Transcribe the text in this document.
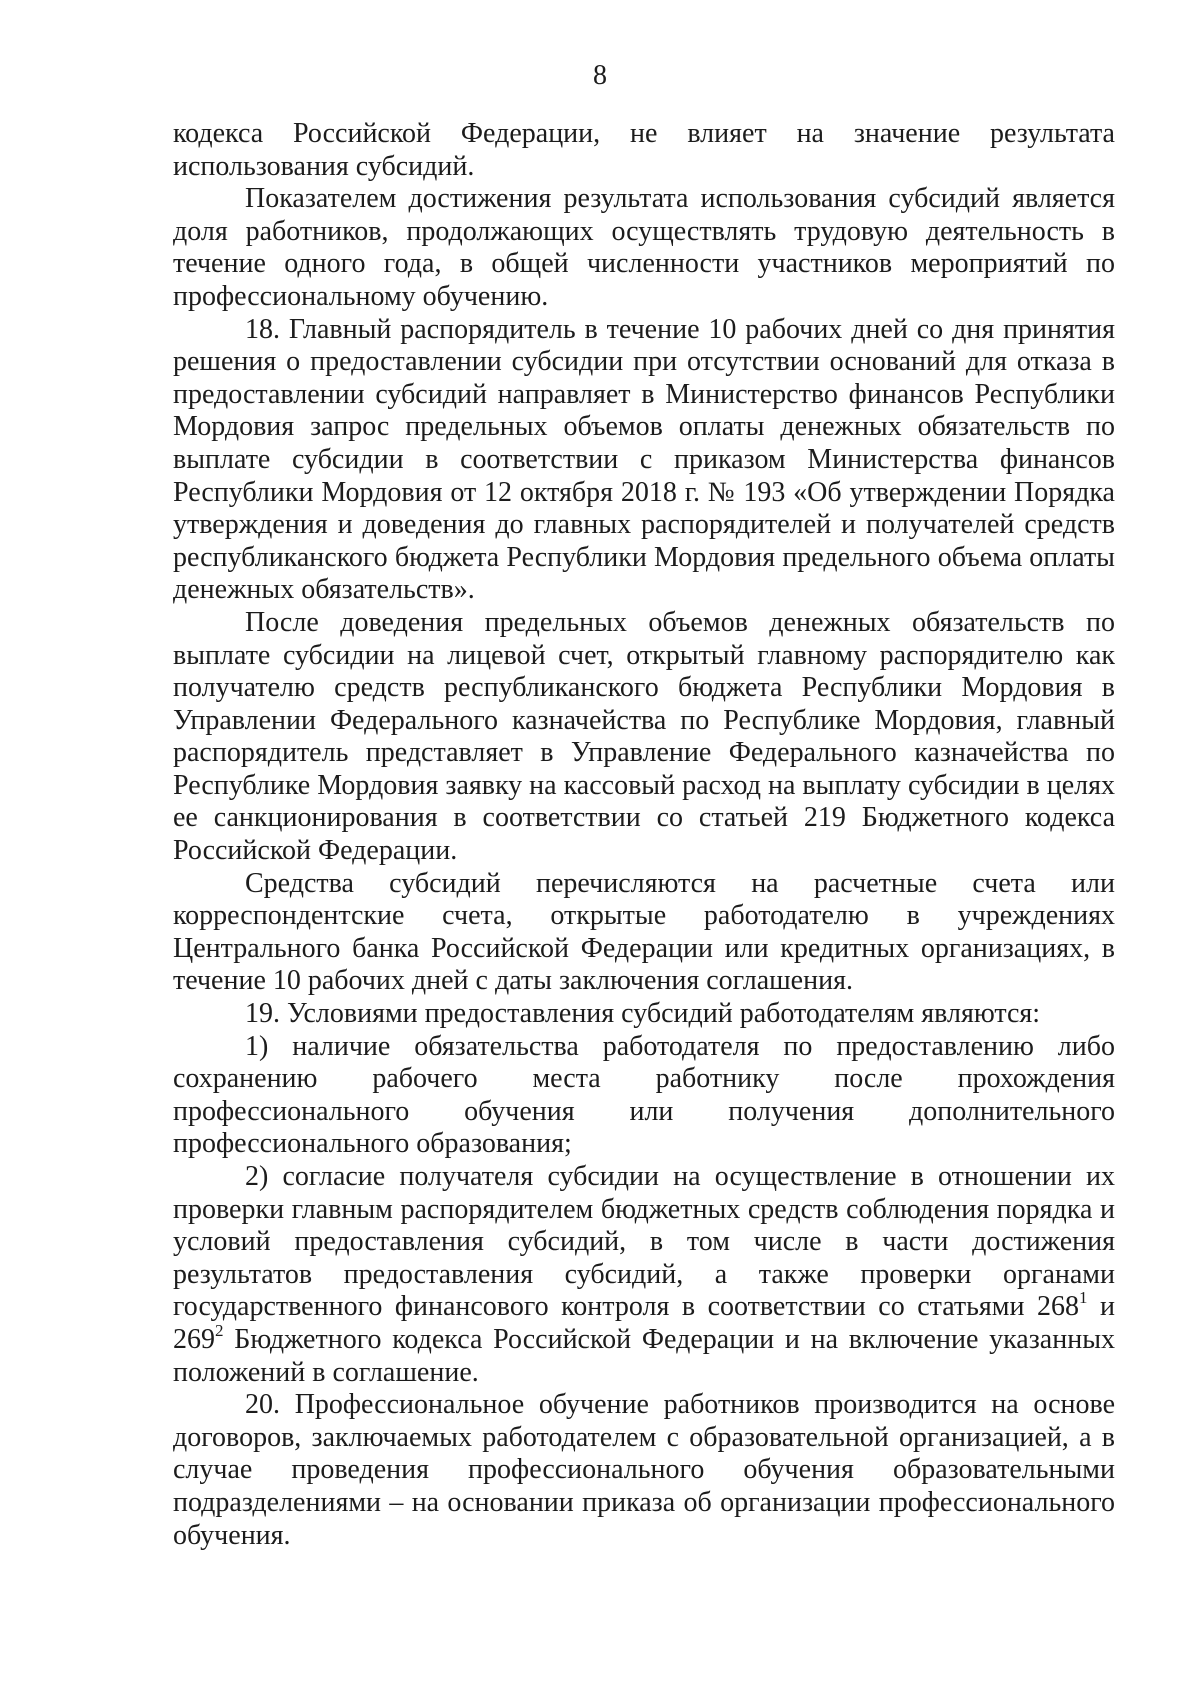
8

кодекса Российской Федерации, не влияет на значение результата использования субсидий.

Показателем достижения результата использования субсидий является доля работников, продолжающих осуществлять трудовую деятельность в течение одного года, в общей численности участников мероприятий по профессиональному обучению.

18. Главный распорядитель в течение 10 рабочих дней со дня принятия решения о предоставлении субсидии при отсутствии оснований для отказа в предоставлении субсидий направляет в Министерство финансов Республики Мордовия запрос предельных объемов оплаты денежных обязательств по выплате субсидии в соответствии с приказом Министерства финансов Республики Мордовия от 12 октября 2018 г. № 193 «Об утверждении Порядка утверждения и доведения до главных распорядителей и получателей средств республиканского бюджета Республики Мордовия предельного объема оплаты денежных обязательств».

После доведения предельных объемов денежных обязательств по выплате субсидии на лицевой счет, открытый главному распорядителю как получателю средств республиканского бюджета Республики Мордовия в Управлении Федерального казначейства по Республике Мордовия, главный распорядитель представляет в Управление Федерального казначейства по Республике Мордовия заявку на кассовый расход на выплату субсидии в целях ее санкционирования в соответствии со статьей 219 Бюджетного кодекса Российской Федерации.

Средства субсидий перечисляются на расчетные счета или корреспондентские счета, открытые работодателю в учреждениях Центрального банка Российской Федерации или кредитных организациях, в течение 10 рабочих дней с даты заключения соглашения.

19. Условиями предоставления субсидий работодателям являются:

1) наличие обязательства работодателя по предоставлению либо сохранению рабочего места работнику после прохождения профессионального обучения или получения дополнительного профессионального образования;

2) согласие получателя субсидии на осуществление в отношении их проверки главным распорядителем бюджетных средств соблюдения порядка и условий предоставления субсидий, в том числе в части достижения результатов предоставления субсидий, а также проверки органами государственного финансового контроля в соответствии со статьями 268$^1$ и 269$^2$ Бюджетного кодекса Российской Федерации и на включение указанных положений в соглашение.

20. Профессиональное обучение работников производится на основе договоров, заключаемых работодателем с образовательной организацией, а в случае проведения профессионального обучения образовательными подразделениями – на основании приказа об организации профессионального обучения.
